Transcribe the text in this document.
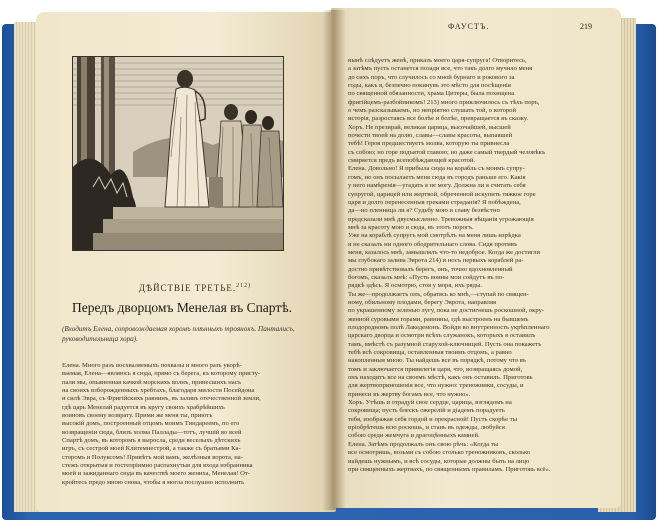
ДѢЙСТВІЕ ТРЕТЬЕ.$^{212)}$
Передъ дворцомъ Менелая въ Спартѣ.
(Входитъ Елена, сопровождаемая хоромъ плѣнныхъ троянокъ. Панталисъ, руководительница хора).
Елена. Много разъ восхваляемыхъ похвалы и много разъ укорѣ-
ваемая, Елена—являюсь я сюда, прямо съ берега, къ которому присту-
пали мы, опьяненная качкой морскихъ волнъ, принесшихъ насъ
на своихъ взборожденныхъ хребтахъ, благодаря милости Посейдона
и силѣ Эвра, съ Фригійскихъ равнинъ, въ заливъ отечественной земли,
гдѣ царь Менелай радуется въ кругу своихъ храбрѣйшихъ
воиновъ своему возврату. Прими же меня ты, приютъ
высокій домъ, построенный отцомъ моимъ Тиндареемъ, по его
возвращеніи сюда, близъ холма Паллады—тотъ, лучшій во всей
Спартѣ домъ, въ которомъ я выросла, среди веселыхъ дѣтскихъ
игръ, съ сестрой моей Клитемнестрой, а также съ братьями Ка-
сторомъ и Полуксомъ! Привѣтъ мой вамъ, желѣзныя ворота, на-
стежъ открытыя и гостепріимно распахнутыя для входа избранника
моей и зажиданнаго сюда въ качествѣ моего жениха, Менелая! От-
кройтесь предо мною снова, чтобы я могла послушно исполнить
ФАУСТЪ.	219
нынѣ слѣдуетъ женѣ, приказъ моего царя-супруга! Отворитесь,
а затѣмъ пусть останется позади все, что такъ долго мучило меня
до сихъ поръ, что случилось со мной бурнаго и рокового за
годы, какъ я, безпечно покинувъ это мѣсто для посѣщенія
по священной обязанности, храма Цитеры, была похищена
фригійцемъ-разбойникомъ! 213) много приключилось съ тѣхъ поръ,
о чемъ разсказываемъ, но непріятно слушать той, о которой
исторія, разростаясь все болѣе и болѣе, превращается въ сказку.
Хоръ. Не презирай, великая царица, высочайшей, высшей
почести твоей на долю, славы—славы красоты, выпавшей
тебѣ! Героя предшествуетъ молва, которую ты привнесла
съ собою; но горе подъятой главою; но даже самый твердый человѣкъ
смиряется предъ всепобѣждающей красотой.
Елена. Довольно! Я прибыла сюда на корабль съ моимъ супру-
гомъ, но онъ посылаетъ меня сюда въ городъ раньше его. Какія
у него намѣренія—угадать я не могу. Должна ли я считать себя
супругой, царицей или жертвой, обреченной искупить тяжкое горе
царя и долго перенесенныя греками страданія? Я побѣждена,
да—но пленница ли я? Судьбу мою и славу безвѣстно
предсказали мнѣ двусмысленно. Тревожныя вѣщанія угрожающія
мнѣ за красоту мою и сюда, въ этотъ порогъ.
Уже на кораблѣ супругъ мой смотрѣлъ на меня лишь изрѣдка
и не сказалъ ни одного ободрительнаго слова. Сидя противъ
меня, казалось мнѣ, замышлялъ что-то недоброе. Когда же достигли
мы глубокаго залива Эврота 214) и носъ первыхъ кораблей ра-
достно привѣтствовалъ берегъ, онъ, точно вдохновленный
богомъ, сказалъ мнѣ: «Пусть воины мои сойдутъ въ по-
рядкѣ здѣсь. Я осмотрю, стоя у моря, ихъ ряды.
Ты же—продолжаетъ онъ, обратясь ко мнѣ,—ступай по священ-
ному, обильному плодами, берегу Эврота, направляя
по украшенному зеленью лугу, пока не достигнешь роскошной, окру-
женной суровыми горами, равнины, гдѣ выстроенъ на бывшемъ
плодородномъ полѣ Лакедемонъ. Войди во внутренность укрѣпленнаго
царскаго дворца и осмотри всѣхъ служанокъ, которыхъ я оставилъ
тамъ, вмѣстѣ съ разумной старухой-ключницей. Пусть она покажетъ
тебѣ всѣ сокровища, оставленныя твоимъ отцомъ, а равно
накопленныя мною. Ты найдешь все въ порядкѣ, потому что въ
томъ и заключается привилегія царя, что, возвращаясь домой,
онъ находитъ все на своемъ мѣстѣ, какъ онъ оставилъ. Приготовь
для жертвоприношенія все, что нужно: треножники, сосуды, и
принеси въ жертву богамъ все, что нужно».
Хоръ. Утѣшь и отрадуй свое сердце, царица, взглядомъ на
сокровища; пусть блескъ ожерелій и діадемъ порадуетъ
тебя, изображая себя гордой и прекрасной! Пусть скорѣе ты
пріобрѣтешь всю роскошь, и стань въ одежды, любуйся
собою среди жемчуга и драгоцѣнныхъ камней.
Елена. Затѣмъ продолжалъ онъ свою рѣчь: «Когда ты
все осмотришь, возьми съ собою столько треножниковъ, сколько
найдешь нужнымъ, и всѣ сосуды, которые должны быть на лицо
при священныхъ жертвахъ, по священнымъ правиламъ. Приготовь всё».
